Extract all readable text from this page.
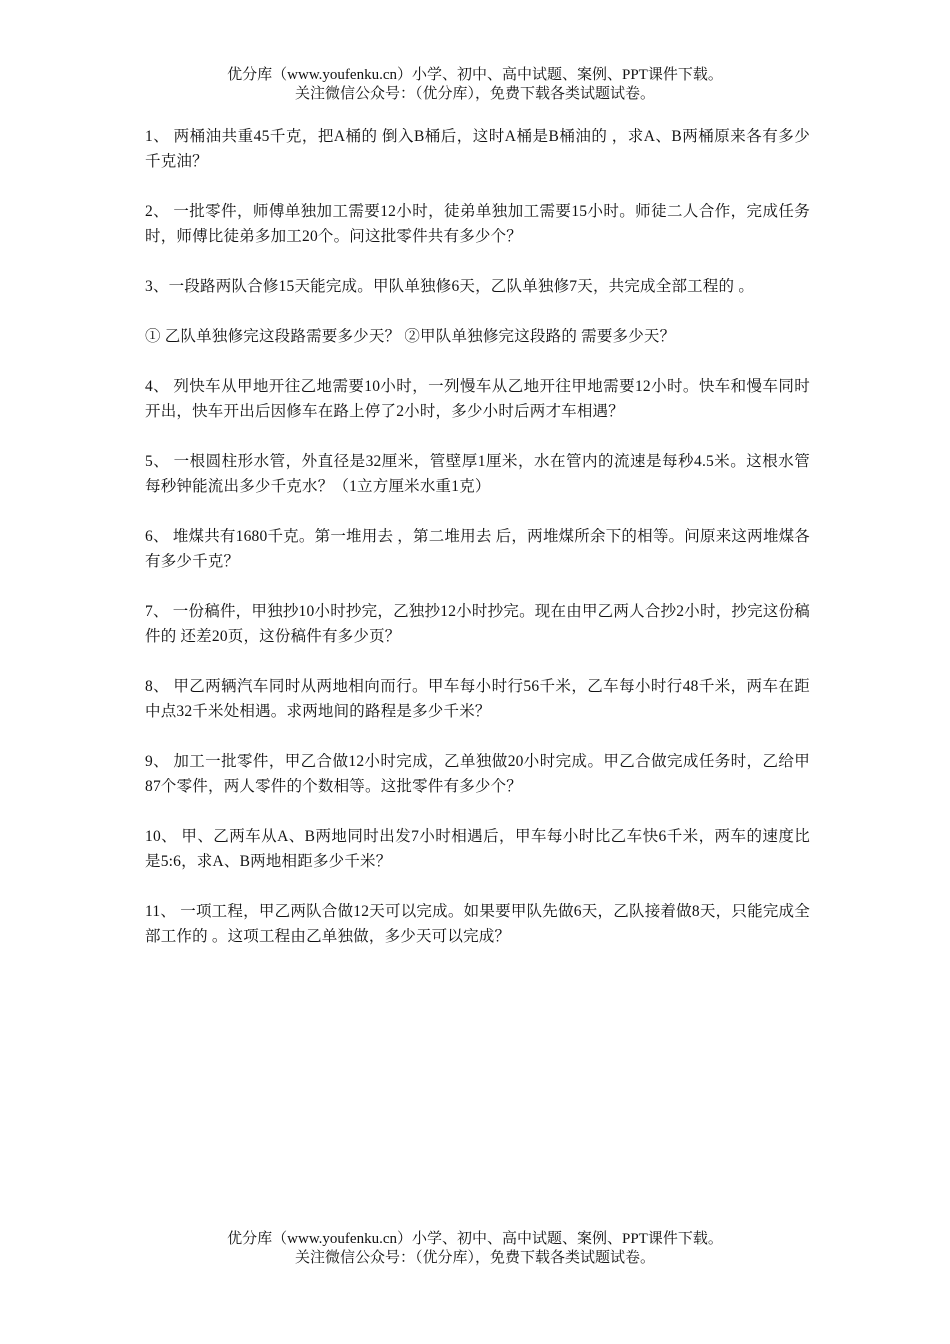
优分库（www.youfenku.cn）小学、初中、高中试题、案例、PPT课件下载。
关注微信公众号：（优分库），免费下载各类试题试卷。

1、 两桶油共重45千克，把A桶的 倒入B桶后，这时A桶是B桶油的 ，求A、B两桶原来各有多少千克油？

2、 一批零件，师傅单独加工需要12小时，徒弟单独加工需要15小时。师徒二人合作，完成任务时，师傅比徒弟多加工20个。问这批零件共有多少个？

3、一段路两队合修15天能完成。甲队单独修6天，乙队单独修7天，共完成全部工程的 。

① 乙队单独修完这段路需要多少天？ ②甲队单独修完这段路的 需要多少天？

4、 列快车从甲地开往乙地需要10小时，一列慢车从乙地开往甲地需要12小时。快车和慢车同时开出，快车开出后因修车在路上停了2小时，多少小时后两才车相遇？

5、 一根圆柱形水管，外直径是32厘米，管壁厚1厘米，水在管内的流速是每秒4.5米。这根水管每秒钟能流出多少千克水？（1立方厘米水重1克）

6、 堆煤共有1680千克。第一堆用去 ，第二堆用去 后，两堆煤所余下的相等。问原来这两堆煤各有多少千克？

7、 一份稿件，甲独抄10小时抄完，乙独抄12小时抄完。现在由甲乙两人合抄2小时，抄完这份稿件的 还差20页，这份稿件有多少页？

8、 甲乙两辆汽车同时从两地相向而行。甲车每小时行56千米，乙车每小时行48千米，两车在距中点32千米处相遇。求两地间的路程是多少千米？

9、 加工一批零件，甲乙合做12小时完成，乙单独做20小时完成。甲乙合做完成任务时，乙给甲87个零件，两人零件的个数相等。这批零件有多少个？

10、 甲、乙两车从A、B两地同时出发7小时相遇后，甲车每小时比乙车快6千米，两车的速度比是5:6，求A、B两地相距多少千米？

11、 一项工程，甲乙两队合做12天可以完成。如果要甲队先做6天，乙队接着做8天，只能完成全部工作的 。这项工程由乙单独做，多少天可以完成？

优分库（www.youfenku.cn）小学、初中、高中试题、案例、PPT课件下载。
关注微信公众号：（优分库），免费下载各类试题试卷。
